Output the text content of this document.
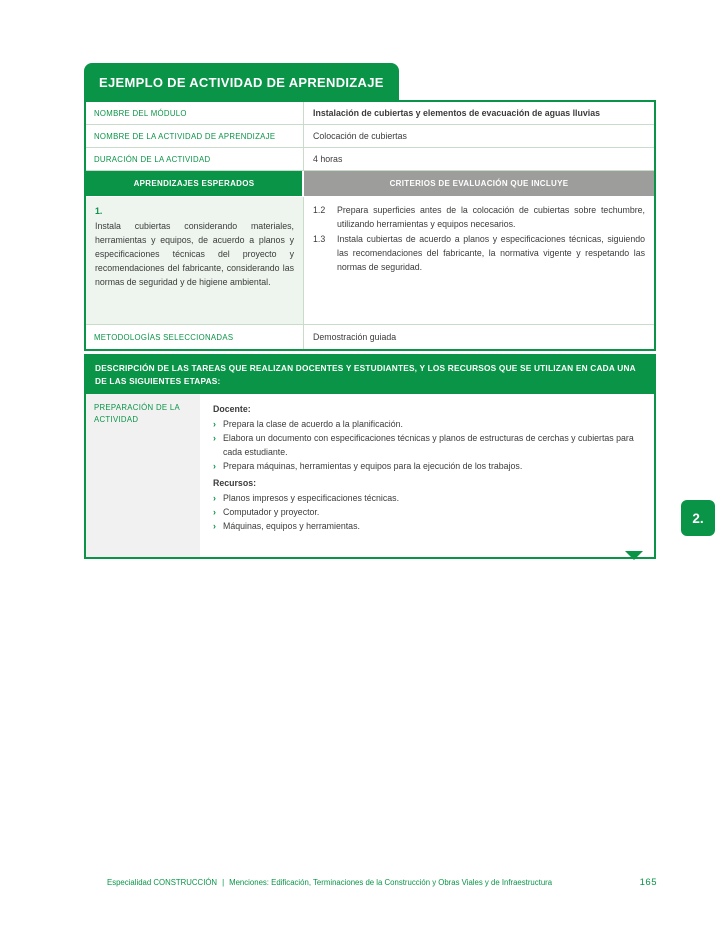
EJEMPLO DE ACTIVIDAD DE APRENDIZAJE
NOMBRE DEL MÓDULO	Instalación de cubiertas y elementos de evacuación de aguas lluvias
NOMBRE DE LA ACTIVIDAD DE APRENDIZAJE	Colocación de cubiertas
DURACIÓN DE LA ACTIVIDAD	4 horas
APRENDIZAJES ESPERADOS	CRITERIOS DE EVALUACIÓN QUE INCLUYE
1.
Instala cubiertas considerando materiales, herramientas y equipos, de acuerdo a planos y especificaciones técnicas del proyecto y recomendaciones del fabricante, considerando las normas de seguridad y de higiene ambiental.
1.2	Prepara superficies antes de la colocación de cubiertas sobre techumbre, utilizando herramientas y equipos necesarios.
1.3	Instala cubiertas de acuerdo a planos y especificaciones técnicas, siguiendo las recomendaciones del fabricante, la normativa vigente y respetando las normas de seguridad.
METODOLOGÍAS SELECCIONADAS	Demostración guiada
DESCRIPCIÓN DE LAS TAREAS QUE REALIZAN DOCENTES Y ESTUDIANTES, Y LOS RECURSOS QUE SE UTILIZAN EN CADA UNA DE LAS SIGUIENTES ETAPAS:
PREPARACIÓN DE LA ACTIVIDAD
Docente:
› Prepara la clase de acuerdo a la planificación.
› Elabora un documento con especificaciones técnicas y planos de estructuras de cerchas y cubiertas para cada estudiante.
› Prepara máquinas, herramientas y equipos para la ejecución de los trabajos.
Recursos:
› Planos impresos y especificaciones técnicas.
› Computador y proyector.
› Máquinas, equipos y herramientas.
2.
Especialidad CONSTRUCCIÓN | Menciones: Edificación, Terminaciones de la Construcción y Obras Viales y de Infraestructura	165
